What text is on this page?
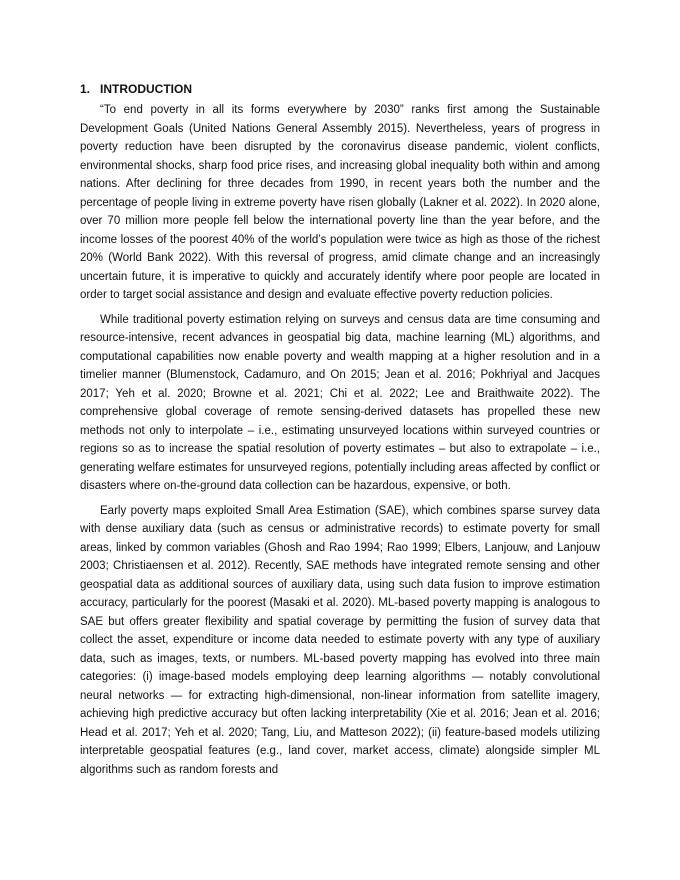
1. INTRODUCTION

“To end poverty in all its forms everywhere by 2030” ranks first among the Sustainable Development Goals (United Nations General Assembly 2015). Nevertheless, years of progress in poverty reduction have been disrupted by the coronavirus disease pandemic, violent conflicts, environmental shocks, sharp food price rises, and increasing global inequality both within and among nations. After declining for three decades from 1990, in recent years both the number and the percentage of people living in extreme poverty have risen globally (Lakner et al. 2022). In 2020 alone, over 70 million more people fell below the international poverty line than the year before, and the income losses of the poorest 40% of the world’s population were twice as high as those of the richest 20% (World Bank 2022). With this reversal of progress, amid climate change and an increasingly uncertain future, it is imperative to quickly and accurately identify where poor people are located in order to target social assistance and design and evaluate effective poverty reduction policies.

While traditional poverty estimation relying on surveys and census data are time consuming and resource-intensive, recent advances in geospatial big data, machine learning (ML) algorithms, and computational capabilities now enable poverty and wealth mapping at a higher resolution and in a timelier manner (Blumenstock, Cadamuro, and On 2015; Jean et al. 2016; Pokhriyal and Jacques 2017; Yeh et al. 2020; Browne et al. 2021; Chi et al. 2022; Lee and Braithwaite 2022). The comprehensive global coverage of remote sensing-derived datasets has propelled these new methods not only to interpolate – i.e., estimating unsurveyed locations within surveyed countries or regions so as to increase the spatial resolution of poverty estimates – but also to extrapolate – i.e., generating welfare estimates for unsurveyed regions, potentially including areas affected by conflict or disasters where on-the-ground data collection can be hazardous, expensive, or both.

Early poverty maps exploited Small Area Estimation (SAE), which combines sparse survey data with dense auxiliary data (such as census or administrative records) to estimate poverty for small areas, linked by common variables (Ghosh and Rao 1994; Rao 1999; Elbers, Lanjouw, and Lanjouw 2003; Christiaensen et al. 2012). Recently, SAE methods have integrated remote sensing and other geospatial data as additional sources of auxiliary data, using such data fusion to improve estimation accuracy, particularly for the poorest (Masaki et al. 2020). ML-based poverty mapping is analogous to SAE but offers greater flexibility and spatial coverage by permitting the fusion of survey data that collect the asset, expenditure or income data needed to estimate poverty with any type of auxiliary data, such as images, texts, or numbers. ML-based poverty mapping has evolved into three main categories: (i) image-based models employing deep learning algorithms — notably convolutional neural networks — for extracting high-dimensional, non-linear information from satellite imagery, achieving high predictive accuracy but often lacking interpretability (Xie et al. 2016; Jean et al. 2016; Head et al. 2017; Yeh et al. 2020; Tang, Liu, and Matteson 2022); (ii) feature-based models utilizing interpretable geospatial features (e.g., land cover, market access, climate) alongside simpler ML algorithms such as random forests and
